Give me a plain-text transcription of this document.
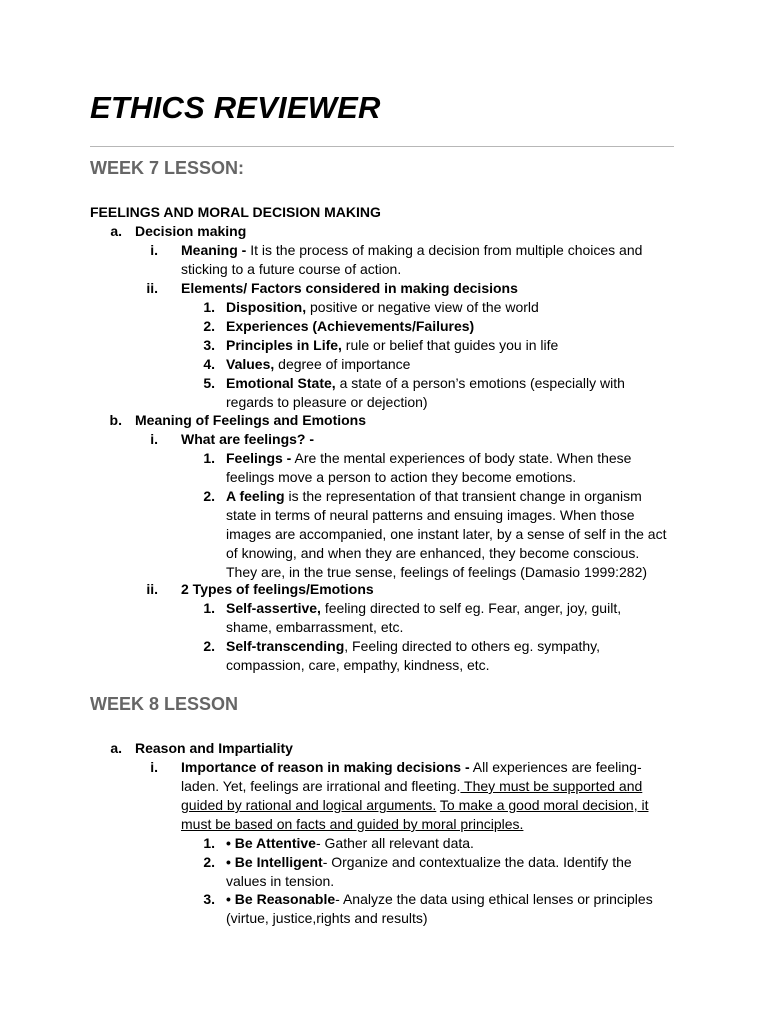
ETHICS REVIEWER
WEEK 7 LESSON:
FEELINGS AND MORAL DECISION MAKING
a. Decision making
i. Meaning - It is the process of making a decision from multiple choices and sticking to a future course of action.
ii. Elements/ Factors considered in making decisions
1. Disposition, positive or negative view of the world
2. Experiences (Achievements/Failures)
3. Principles in Life, rule or belief that guides you in life
4. Values, degree of importance
5. Emotional State, a state of a person’s emotions (especially with regards to pleasure or dejection)
b. Meaning of Feelings and Emotions
i. What are feelings? -
1. Feelings - Are the mental experiences of body state. When these feelings move a person to action they become emotions.
2. A feeling is the representation of that transient change in organism state in terms of neural patterns and ensuing images. When those images are accompanied, one instant later, by a sense of self in the act of knowing, and when they are enhanced, they become conscious. They are, in the true sense, feelings of feelings (Damasio 1999:282)
ii. 2 Types of feelings/Emotions
1. Self-assertive, feeling directed to self eg. Fear, anger, joy, guilt, shame, embarrassment, etc.
2. Self-transcending, Feeling directed to others eg. sympathy, compassion, care, empathy, kindness, etc.
WEEK 8 LESSON
a. Reason and Impartiality
i. Importance of reason in making decisions - All experiences are feeling-laden. Yet, feelings are irrational and fleeting. They must be supported and guided by rational and logical arguments. To make a good moral decision, it must be based on facts and guided by moral principles.
1. • Be Attentive- Gather all relevant data.
2. • Be Intelligent- Organize and contextualize the data. Identify the values in tension.
3. • Be Reasonable- Analyze the data using ethical lenses or principles (virtue, justice,rights and results)
